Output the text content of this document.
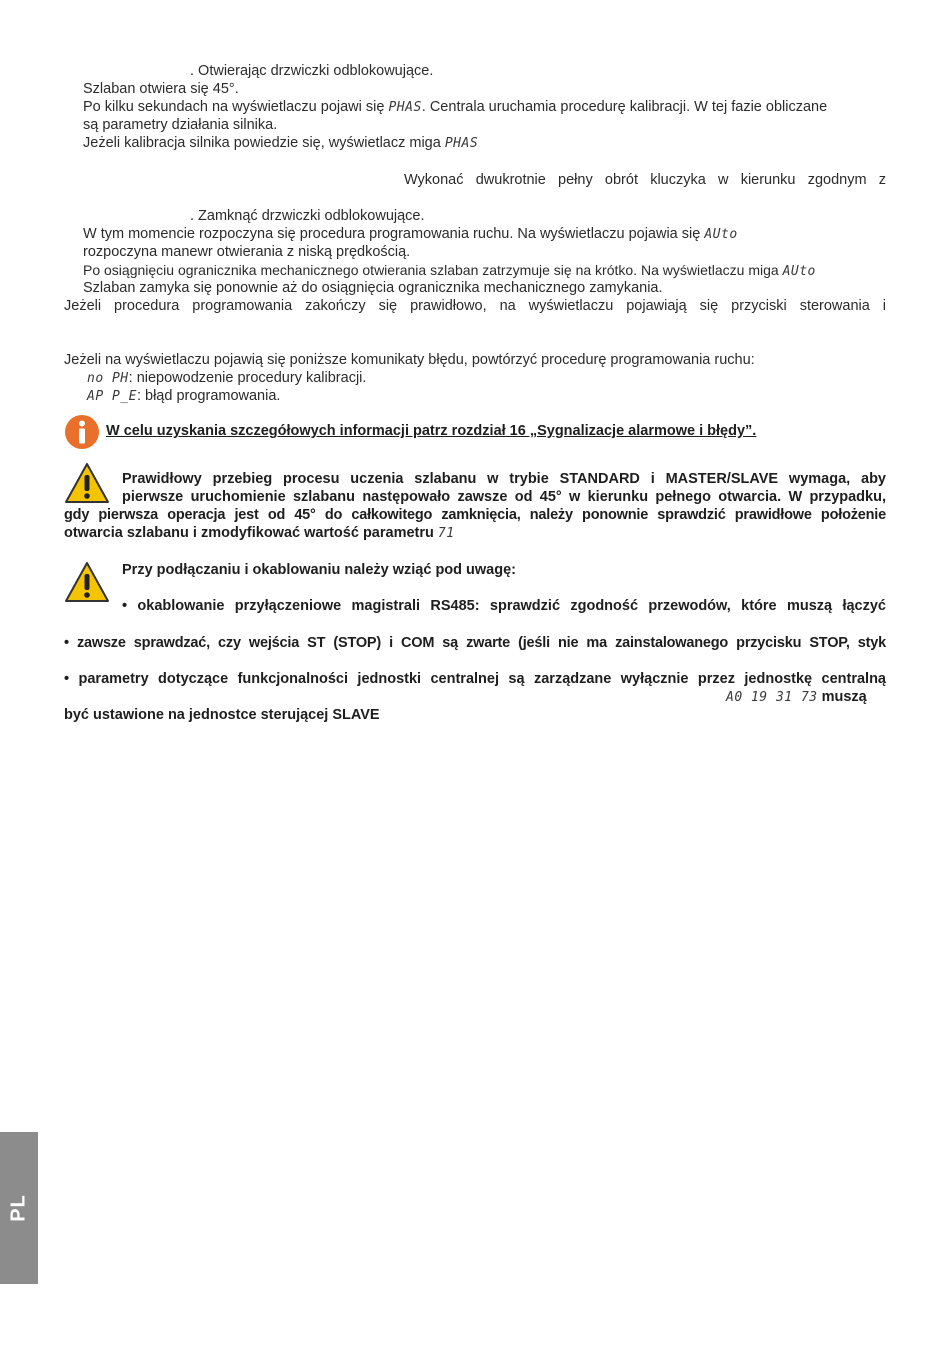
. Otwierając drzwiczki odblokowujące.
Szlaban otwiera się 45°.
Po kilku sekundach na wyświetlaczu pojawi się PHAS. Centrala uruchamia procedurę kalibracji. W tej fazie obliczane
są parametry działania silnika.
Jeżeli kalibracja silnika powiedzie się, wyświetlacz miga PHAS
Wykonać dwukrotnie pełny obrót kluczyka w kierunku zgodnym z
. Zamknąć drzwiczki odblokowujące.
W tym momencie rozpoczyna się procedura programowania ruchu. Na wyświetlaczu pojawia się AUto
rozpoczyna manewr otwierania z niską prędkością.
Po osiągnięciu ogranicznika mechanicznego otwierania szlaban zatrzymuje się na krótko. Na wyświetlaczu miga AUto
Szlaban zamyka się ponownie aż do osiągnięcia ogranicznika mechanicznego zamykania.
Jeżeli procedura programowania zakończy się prawidłowo, na wyświetlaczu pojawiają się przyciski sterowania i
Jeżeli na wyświetlaczu pojawią się poniższe komunikaty błędu, powtórzyć procedurę programowania ruchu:
no PH: niepowodzenie procedury kalibracji.
AP P_E: błąd programowania.
W celu uzyskania szczegółowych informacji patrz rozdział 16 „Sygnalizacje alarmowe i błędy”.
Prawidłowy przebieg procesu uczenia szlabanu w trybie STANDARD i MASTER/SLAVE wymaga, aby
pierwsze uruchomienie szlabanu następowało zawsze od 45° w kierunku pełnego otwarcia. W przypadku,
gdy pierwsza operacja jest od 45° do całkowitego zamknięcia, należy ponownie sprawdzić prawidłowe położenie
otwarcia szlabanu i zmodyfikować wartość parametru 71
Przy podłączaniu i okablowaniu należy wziąć pod uwagę:
• okablowanie przyłączeniowe magistrali RS485: sprawdzić zgodność przewodów, które muszą łączyć
• zawsze sprawdzać, czy wejścia ST (STOP) i COM są zwarte (jeśli nie ma zainstalowanego przycisku STOP, styk
• parametry dotyczące funkcjonalności jednostki centralnej są zarządzane wyłącznie przez jednostkę centralną
A0 19 31 73 muszą
być ustawione na jednostce sterującej SLAVE
PL
